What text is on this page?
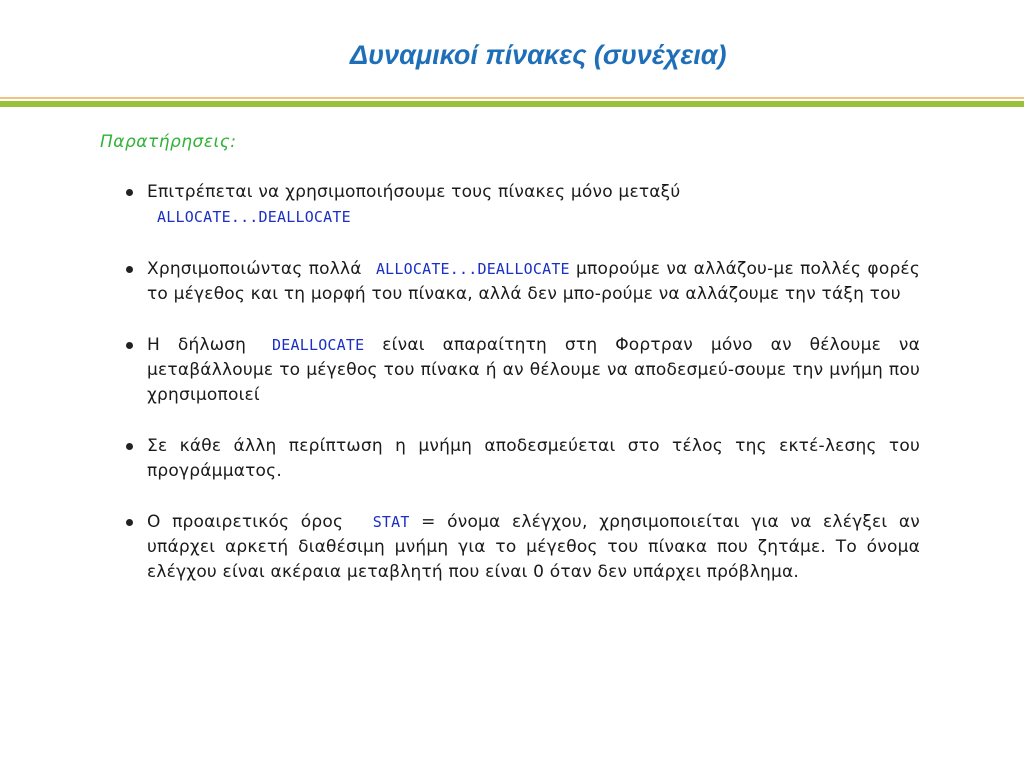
Δυναμικοί πίνακες (συνέχεια)
Παρατήρησεις:
Επιτρέπεται να χρησιμοποιήσουμε τους πίνακες μόνο μεταξύ
ALLOCATE...DEALLOCATE
Χρησιμοποιώντας πολλά ALLOCATE...DEALLOCATE μπορούμε να αλλάζου-με πολλές φορές το μέγεθος και τη μορφή του πίνακα, αλλά δεν μπο-ρούμε να αλλάζουμε την τάξη του
Η δήλωση DEALLOCATE είναι απαραίτητη στη Φορτραν μόνο αν θέλουμε να μεταβάλλουμε το μέγεθος του πίνακα ή αν θέλουμε να αποδεσμεύ-σουμε την μνήμη που χρησιμοποιεί
Σε κάθε άλλη περίπτωση η μνήμη αποδεσμεύεται στο τέλος της εκτέ-λεσης του προγράμματος.
Ο προαιρετικός όρος STAT = όνομα ελέγχου, χρησιμοποιείται για να ελέγξει αν υπάρχει αρκετή διαθέσιμη μνήμη για το μέγεθος του πίνακα που ζητάμε. Το όνομα ελέγχου είναι ακέραια μεταβλητή που είναι 0 όταν δεν υπάρχει πρόβλημα.
